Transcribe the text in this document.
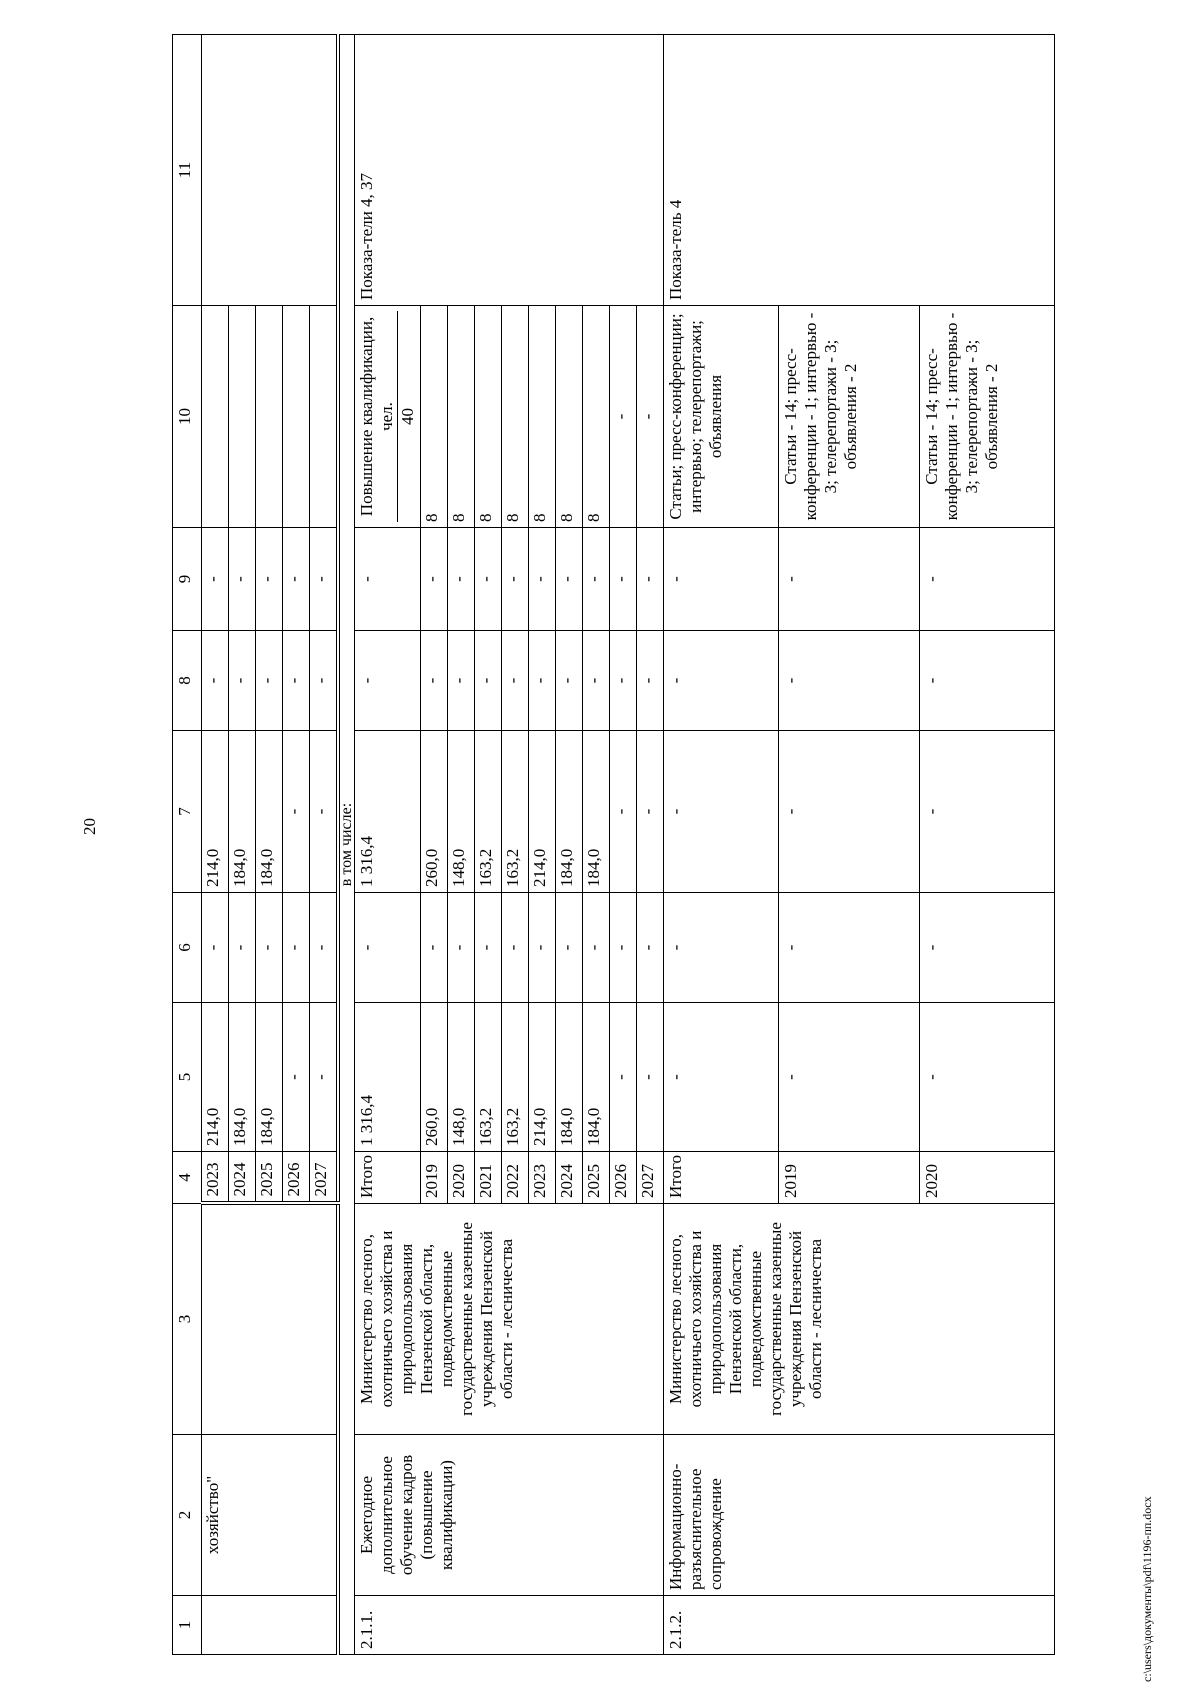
20
c:\users\документы\pdf\1196-пп.docx
1	2	3	4	5	6	7	8	9	10	11
	хозяйство"		2023	214,0	-	214,0	-	-		
			2024	184,0	-	184,0	-	-		
			2025	184,0	-	184,0	-	-		
			2026	-	-	-	-	-		
			2027	-	-	-	-	-		
в том числе:										
2.1.1.	Ежегодное дополнительное обучение кадров (повышение квалификации)	Министерство лесного, охотничьего хозяйства и природопользования Пензенской области, подведомственные государственные казенные учреждения Пензенской области - лесничества	Итого	1 316,4	-	1 316,4	-	-	Повышение квалификации, чел. 40	Показа-тели 4, 37
			2019	260,0	-	260,0	-	-	8	
			2020	148,0	-	148,0	-	-	8	
			2021	163,2	-	163,2	-	-	8	
			2022	163,2	-	163,2	-	-	8	
			2023	214,0	-	214,0	-	-	8	
			2024	184,0	-	184,0	-	-	8	
			2025	184,0	-	184,0	-	-	8	
			2026	-	-	-	-	-	-	
			2027	-	-	-	-	-	-	
2.1.2.	Информационно-разъяснительное сопровождение	Министерство лесного, охотничьего хозяйства и природопользования Пензенской области, подведомственные государственные казенные учреждения Пензенской области - лесничества	Итого	-	-	-	-	-	Статьи; пресс-конференции; интервью; телерепортажи; объявления	Показа-тель 4
			2019	-	-	-	-	-	Статьи - 14; пресс-конференции - 1; интервью - 3; телерепортажи - 3; объявления - 2	
			2020	-	-	-	-	-	Статьи - 14; пресс-конференции - 1; интервью - 3; телерепортажи - 3; объявления - 2	
